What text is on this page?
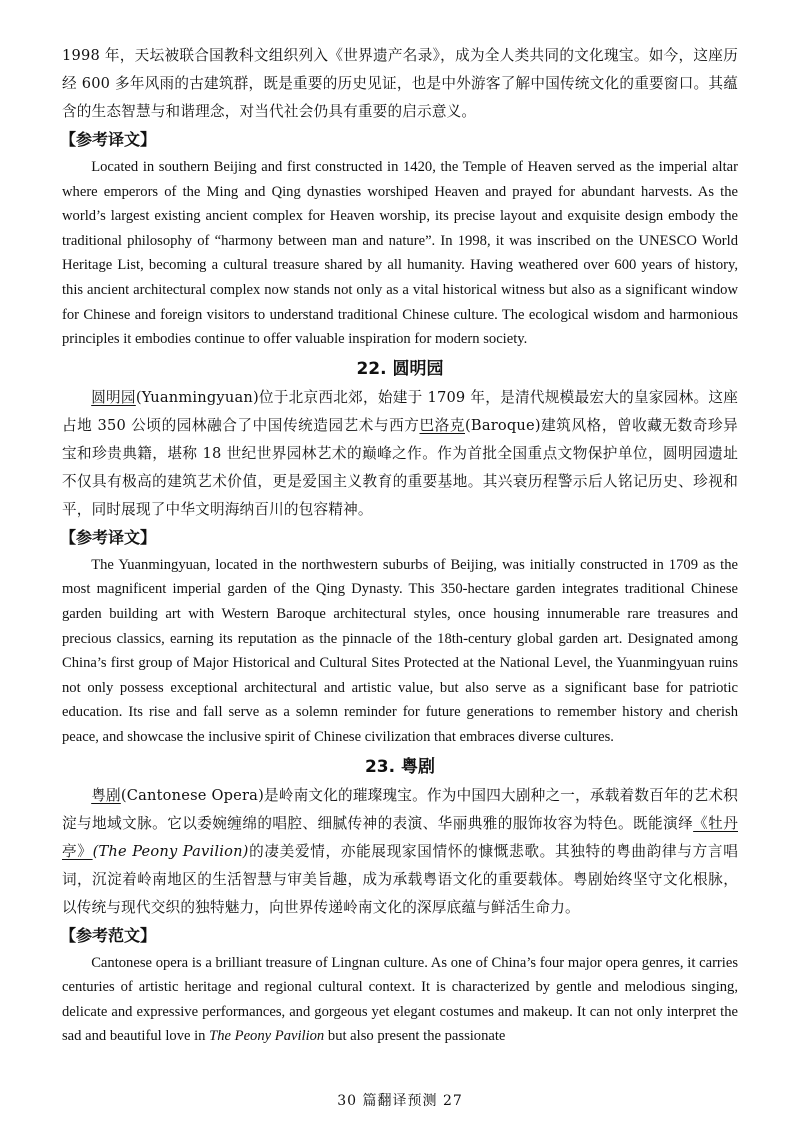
1998 年，天坛被联合国教科文组织列入《世界遗产名录》，成为全人类共同的文化瑰宝。如今，这座历经 600 多年风雨的古建筑群，既是重要的历史见证，也是中外游客了解中国传统文化的重要窗口。其蕴含的生态智慧与和谐理念，对当代社会仍具有重要的启示意义。

【参考译文】

Located in southern Beijing and first constructed in 1420, the Temple of Heaven served as the imperial altar where emperors of the Ming and Qing dynasties worshiped Heaven and prayed for abundant harvests. As the world’s largest existing ancient complex for Heaven worship, its precise layout and exquisite design embody the traditional philosophy of “harmony between man and nature”. In 1998, it was inscribed on the UNESCO World Heritage List, becoming a cultural treasure shared by all humanity. Having weathered over 600 years of history, this ancient architectural complex now stands not only as a vital historical witness but also as a significant window for Chinese and foreign visitors to understand traditional Chinese culture. The ecological wisdom and harmonious principles it embodies continue to offer valuable inspiration for modern society.

22. 圆明园

圆明园(Yuanmingyuan)位于北京西北郊，始建于 1709 年，是清代规模最宏大的皇家园林。这座占地 350 公顷的园林融合了中国传统造园艺术与西方巴洛克(Baroque)建筑风格，曾收藏无数奇珍异宝和珍贵典籍，堪称 18 世纪世界园林艺术的巅峰之作。作为首批全国重点文物保护单位，圆明园遗址不仅具有极高的建筑艺术价值，更是爱国主义教育的重要基地。其兴衰历程警示后人铭记历史、珍视和平，同时展现了中华文明海纳百川的包容精神。

【参考译文】

The Yuanmingyuan, located in the northwestern suburbs of Beijing, was initially constructed in 1709 as the most magnificent imperial garden of the Qing Dynasty. This 350-hectare garden integrates traditional Chinese garden building art with Western Baroque architectural styles, once housing innumerable rare treasures and precious classics, earning its reputation as the pinnacle of the 18th-century global garden art. Designated among China’s first group of Major Historical and Cultural Sites Protected at the National Level, the Yuanmingyuan ruins not only possess exceptional architectural and artistic value, but also serve as a significant base for patriotic education. Its rise and fall serve as a solemn reminder for future generations to remember history and cherish peace, and showcase the inclusive spirit of Chinese civilization that embraces diverse cultures.

23. 粤剧

粤剧(Cantonese Opera)是岭南文化的璀璨瑰宝。作为中国四大剧种之一，承载着数百年的艺术积淀与地域文脉。它以委婉缠绵的唱腔、细腻传神的表演、华丽典雅的服饰妆容为特色。既能演绎《牡丹亭》(The Peony Pavilion)的凄美爱情，亦能展现家国情怀的慷慨悲歌。其独特的粤曲韵律与方言唱词，沉淀着岭南地区的生活智慧与审美旨趣，成为承载粤语文化的重要载体。粤剧始终坚守文化根脉，以传统与现代交织的独特魅力，向世界传递岭南文化的深厚底蕴与鲜活生命力。

【参考范文】

Cantonese opera is a brilliant treasure of Lingnan culture. As one of China’s four major opera genres, it carries centuries of artistic heritage and regional cultural context. It is characterized by gentle and melodious singing, delicate and expressive performances, and gorgeous yet elegant costumes and makeup. It can not only interpret the sad and beautiful love in The Peony Pavilion but also present the passionate

30 篇翻译预测 27
